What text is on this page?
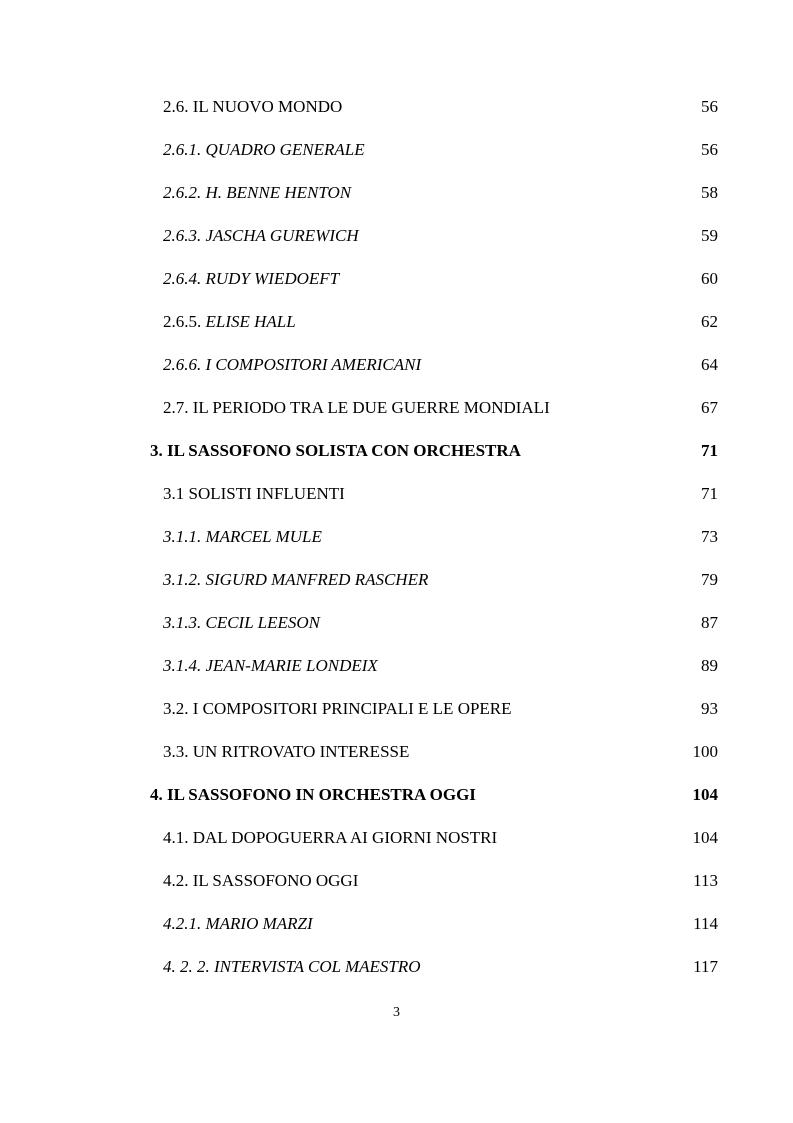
2.6. IL NUOVO MONDO	56
2.6.1. QUADRO GENERALE	56
2.6.2. H. BENNE HENTON	58
2.6.3. JASCHA GUREWICH	59
2.6.4. RUDY WIEDOEFT	60
2.6.5. ELISE HALL	62
2.6.6. I COMPOSITORI AMERICANI	64
2.7. IL PERIODO TRA LE DUE GUERRE MONDIALI	67
3. IL SASSOFONO SOLISTA CON ORCHESTRA	71
3.1 SOLISTI INFLUENTI	71
3.1.1. MARCEL MULE	73
3.1.2. SIGURD MANFRED RASCHER	79
3.1.3. CECIL LEESON	87
3.1.4. JEAN-MARIE LONDEIX	89
3.2. I COMPOSITORI PRINCIPALI E LE OPERE	93
3.3. UN RITROVATO INTERESSE	100
4. IL SASSOFONO IN ORCHESTRA OGGI	104
4.1. DAL DOPOGUERRA AI GIORNI NOSTRI	104
4.2. IL SASSOFONO OGGI	113
4.2.1. MARIO MARZI	114
4. 2. 2. INTERVISTA COL MAESTRO	117
3
